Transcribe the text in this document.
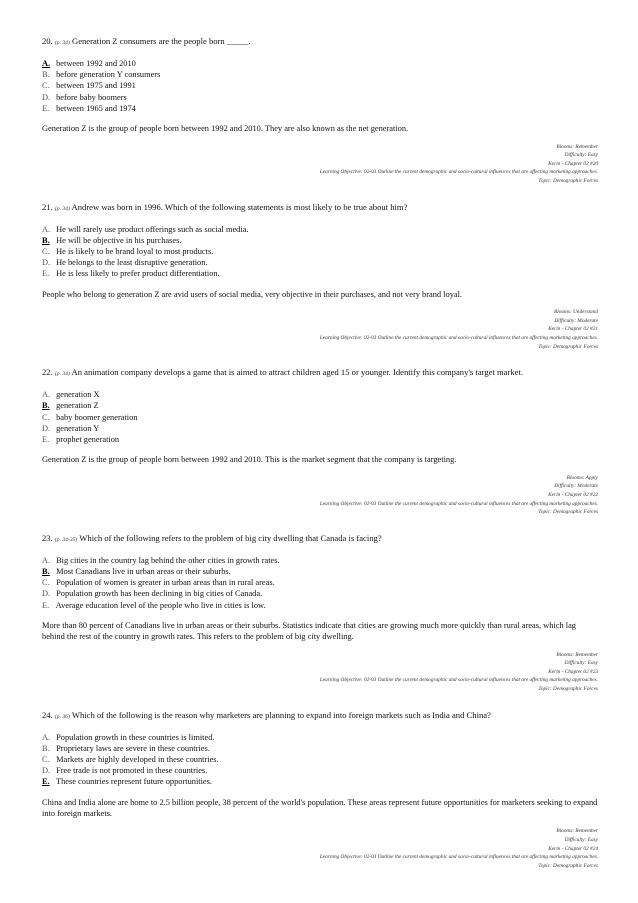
20. (p. 34) Generation Z consumers are the people born _____.

A. between 1992 and 2010

B. before generation Y consumers

C. between 1975 and 1991

D. before baby boomers

E. between 1965 and 1974

Generation Z is the group of people born between 1992 and 2010. They are also known as the net generation.

Blooms: Remember
Difficulty: Easy
Kerin - Chapter 02 #20
Learning Objective: 02-03 Outline the current demographic and socio-cultural influences that are affecting marketing approaches.
Topic: Demographic Forces

21. (p. 34) Andrew was born in 1996. Which of the following statements is most likely to be true about him?

A. He will rarely use product offerings such as social media.

B. He will be objective in his purchases.

C. He is likely to be brand loyal to most products.

D. He belongs to the least disruptive generation.

E. He is less likely to prefer product differentiation.

People who belong to generation Z are avid users of social media, very objective in their purchases, and not very brand loyal.

Blooms: Understand
Difficulty: Moderate
Kerin - Chapter 02 #21
Learning Objective: 02-03 Outline the current demographic and socio-cultural influences that are affecting marketing approaches.
Topic: Demographic Forces

22. (p. 34) An animation company develops a game that is aimed to attract children aged 15 or younger. Identify this company's target market.

A. generation X

B. generation Z

C. baby boomer generation

D. generation Y

E. prophet generation

Generation Z is the group of people born between 1992 and 2010. This is the market segment that the company is targeting.

Blooms: Apply
Difficulty: Moderate
Kerin - Chapter 02 #22
Learning Objective: 02-03 Outline the current demographic and socio-cultural influences that are affecting marketing approaches.
Topic: Demographic Forces

23. (p. 34-35) Which of the following refers to the problem of big city dwelling that Canada is facing?

A. Big cities in the country lag behind the other cities in growth rates.

B. Most Canadians live in urban areas or their suburbs.

C. Population of women is greater in urban areas than in rural areas.

D. Population growth has been declining in big cities of Canada.

E. Average education level of the people who live in cities is low.

More than 80 percent of Canadians live in urban areas or their suburbs. Statistics indicate that cities are growing much more quickly than rural areas, which lag behind the rest of the country in growth rates. This refers to the problem of big city dwelling.

Blooms: Remember
Difficulty: Easy
Kerin - Chapter 02 #23
Learning Objective: 02-03 Outline the current demographic and socio-cultural influences that are affecting marketing approaches.
Topic: Demographic Forces

24. (p. 36) Which of the following is the reason why marketers are planning to expand into foreign markets such as India and China?

A. Population growth in these countries is limited.

B. Proprietary laws are severe in these countries.

C. Markets are highly developed in these countries.

D. Free trade is not promoted in these countries.

E. These countries represent future opportunities.

China and India alone are home to 2.5 billion people, 38 percent of the world's population. These areas represent future opportunities for marketers seeking to expand into foreign markets.

Blooms: Remember
Difficulty: Easy
Kerin - Chapter 02 #24
Learning Objective: 02-03 Outline the current demographic and socio-cultural influences that are affecting marketing approaches.
Topic: Demographic Forces
